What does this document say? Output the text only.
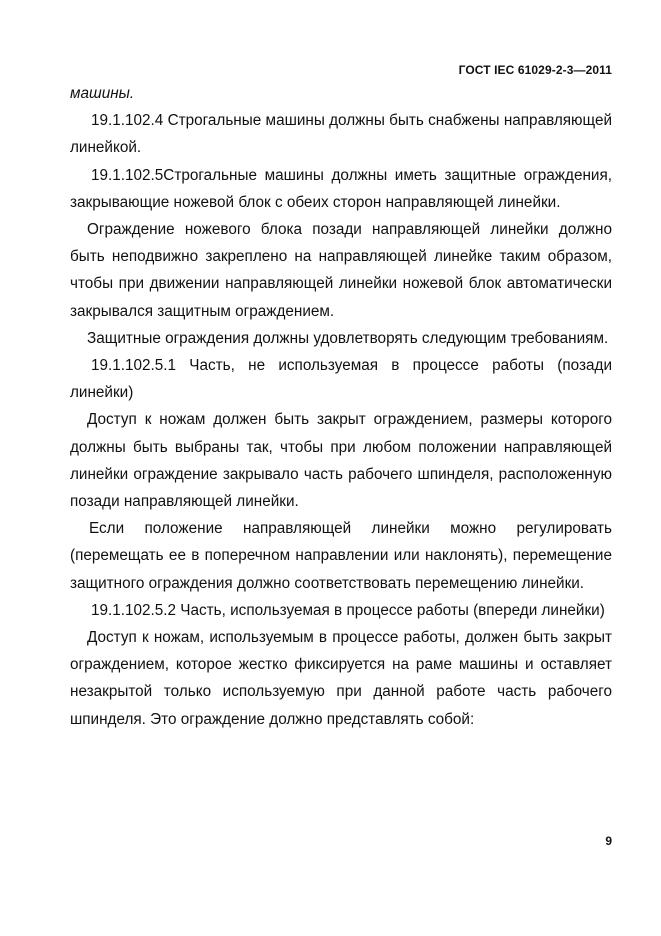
ГОСТ IEC 61029-2-3—2011

машины.

19.1.102.4 Строгальные машины должны быть снабжены направляющей линейкой.

19.1.102.5Строгальные машины должны иметь защитные ограждения, закрывающие ножевой блок с обеих сторон направляющей линейки.

Ограждение ножевого блока позади направляющей линейки должно быть неподвижно закреплено на направляющей линейке таким образом, чтобы при движении направляющей линейки ножевой блок автоматически закрывался защитным ограждением.

Защитные ограждения должны удовлетворять следующим требованиям.

19.1.102.5.1 Часть, не используемая в процессе работы (позади линейки)

Доступ к ножам должен быть закрыт ограждением, размеры которого должны быть выбраны так, чтобы при любом положении направляющей линейки ограждение закрывало часть рабочего шпинделя, расположенную позади направляющей линейки.

Если положение направляющей линейки можно регулировать (перемещать ее в поперечном направлении или наклонять), перемещение защитного ограждения должно соответствовать перемещению линейки.

19.1.102.5.2 Часть, используемая в процессе работы (впереди линейки)

Доступ к ножам, используемым в процессе работы, должен быть закрыт ограждением, которое жестко фиксируется на раме машины и оставляет незакрытой только используемую при данной работе часть рабочего шпинделя. Это ограждение должно представлять собой:

9
